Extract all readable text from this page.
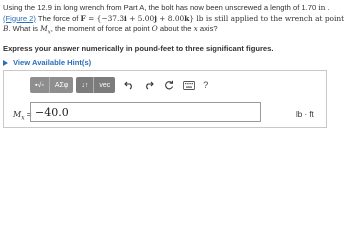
Using the 12.9 in long wrench from Part A, the bolt has now been unscrewed a length of 1.70 in . (Figure 2) The force of F = {−37.3i + 5.00j + 8.00k} lb is still applied to the wrench at point B. What is $M_x$, the moment of force at point O about the x axis?
Express your answer numerically in pound-feet to three significant figures.
View Available Hint(s)
▪√▫	ΑΣφ	↓↑	vec	?
$M_x = -40.0$	lb · ft
